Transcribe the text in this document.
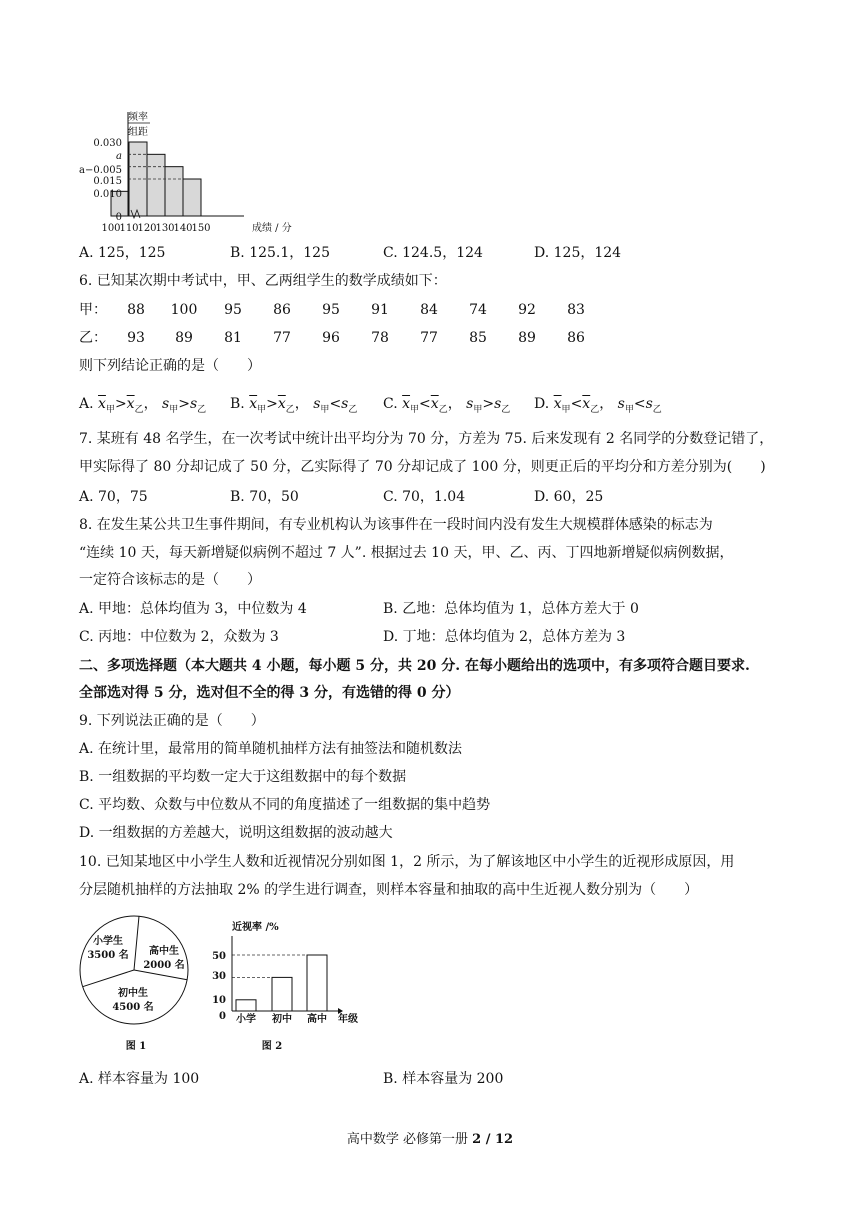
频率
组距
0.030
a
a−0.005
0.015
0.010
0
100
110
120
130
140
150	成绩 / 分
A. 125，125	B. 125.1，125	C. 124.5，124	D. 125，124
6. 已知某次期中考试中，甲、乙两组学生的数学成绩如下：
甲：	88	100	95	86	95	91	84	74	92	83
乙：	93	89	81	77	96	78	77	85	89	86
则下列结论正确的是（　　）
A. $\overline{x}_甲>\overline{x}_乙$， $s_甲>s_乙$ B. $\overline{x}_甲>\overline{x}_乙$， $s_甲<s_乙$ C. $\overline{x}_甲<\overline{x}_乙$， $s_甲>s_乙$ D. $\overline{x}_甲<\overline{x}_乙$， $s_甲<s_乙$
7. 某班有 48 名学生，在一次考试中统计出平均分为 70 分，方差为 75. 后来发现有 2 名同学的分数登记错了，
甲实际得了 80 分却记成了 50 分，乙实际得了 70 分却记成了 100 分，则更正后的平均分和方差分别为(　　)
A. 70，75	B. 70，50	C. 70，1.04	D. 60，25
8. 在发生某公共卫生事件期间，有专业机构认为该事件在一段时间内没有发生大规模群体感染的标志为
“连续 10 天，每天新增疑似病例不超过 7 人”. 根据过去 10 天，甲、乙、丙、丁四地新增疑似病例数据，
一定符合该标志的是（　　）
A. 甲地：总体均值为 3，中位数为 4	B. 乙地：总体均值为 1，总体方差大于 0
C. 丙地：中位数为 2，众数为 3	D. 丁地：总体均值为 2，总体方差为 3
二、多项选择题（本大题共 4 小题，每小题 5 分，共 20 分. 在每小题给出的选项中，有多项符合题目要求.
全部选对得 5 分，选对但不全的得 3 分，有选错的得 0 分）
9. 下列说法正确的是（　　）
A. 在统计里，最常用的简单随机抽样方法有抽签法和随机数法
B. 一组数据的平均数一定大于这组数据中的每个数据
C. 平均数、众数与中位数从不同的角度描述了一组数据的集中趋势
D. 一组数据的方差越大，说明这组数据的波动越大
10. 已知某地区中小学生人数和近视情况分别如图 1，2 所示，为了解该地区中小学生的近视形成原因，用
分层随机抽样的方法抽取 2% 的学生进行调查，则样本容量和抽取的高中生近视人数分别为（　　）
小学生
3500 名 高中生
2000 名
初中生
4500 名
图 1
近视率 /%
50
30
10
0 小学 初中 高中 年级
图 2
A. 样本容量为 100	B. 样本容量为 200
高中数学 必修第一册 2 / 12
